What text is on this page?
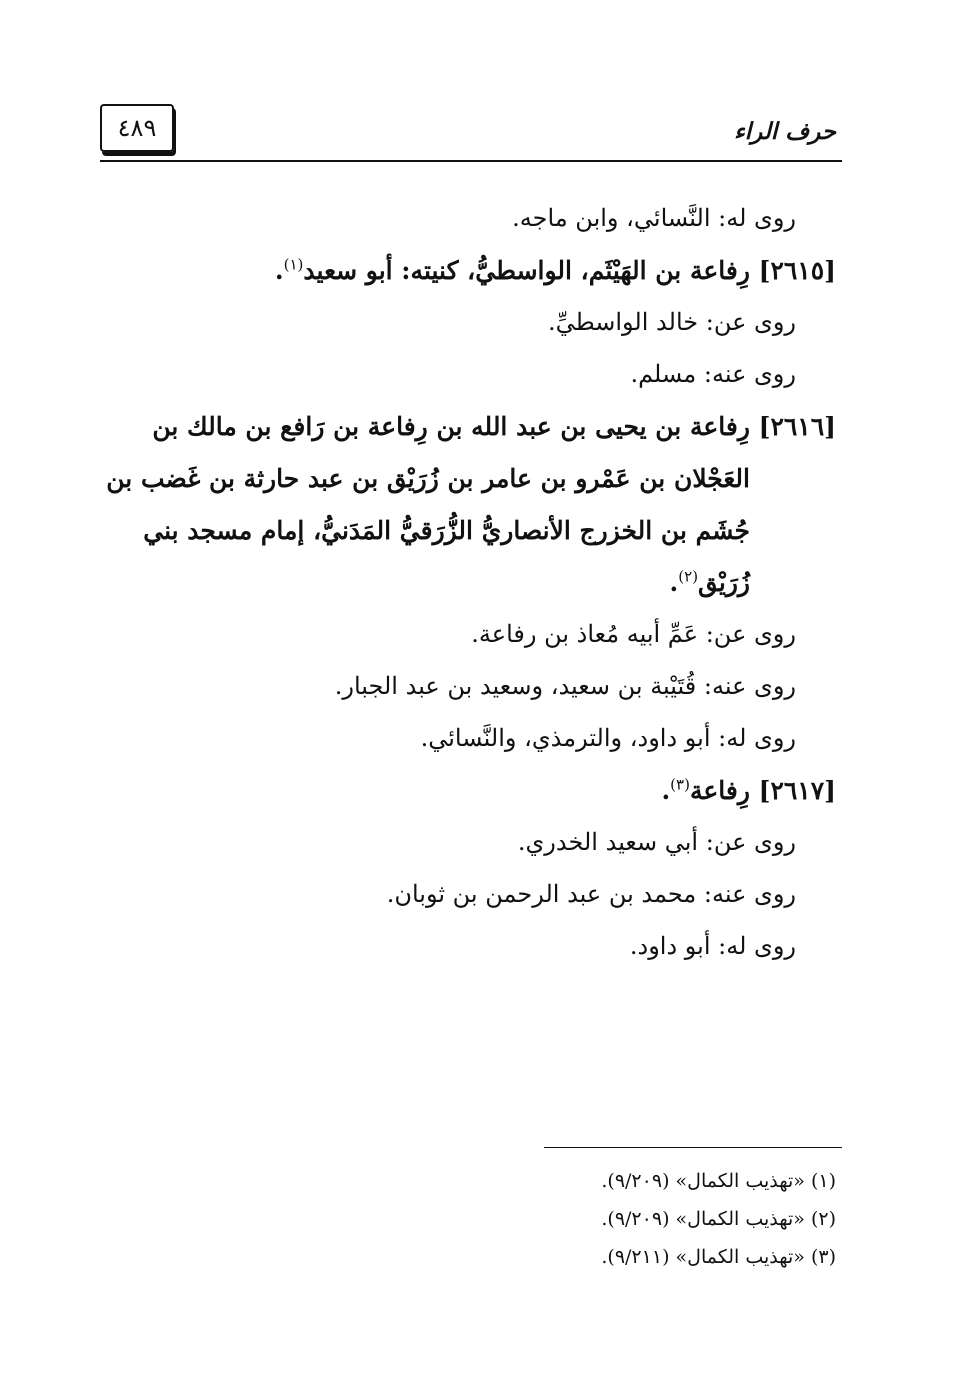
٤٨٩	حرف الراء
روى له: النَّسائي، وابن ماجه.
[٢٦١٥] رِفاعة بن الهَيْثَم، الواسطيُّ، كنيته: أبو سعيد$^{(١)}$.
روى عن: خالد الواسطيِّ.
روى عنه: مسلم.
[٢٦١٦] رِفاعة بن يحيى بن عبد الله بن رِفاعة بن رَافع بن مالك بن
العَجْلان بن عَمْرو بن عامر بن زُرَيْق بن عبد حارثة بن غَضب بن
جُشَم بن الخزرج الأنصاريُّ الزُّرَقيُّ المَدَنيُّ، إمام مسجد بني
زُرَيْق$^{(٢)}$.
روى عن: عَمِّ أبيه مُعاذ بن رفاعة.
روى عنه: قُتَيْبة بن سعيد، وسعيد بن عبد الجبار.
روى له: أبو داود، والترمذي، والنَّسائي.
[٢٦١٧] رِفاعة$^{(٣)}$.
روى عن: أبي سعيد الخدري.
روى عنه: محمد بن عبد الرحمن بن ثوبان.
روى له: أبو داود.
(١) «تهذيب الكمال» (٩/٢٠٩).
(٢) «تهذيب الكمال» (٩/٢٠٩).
(٣) «تهذيب الكمال» (٩/٢١١).
